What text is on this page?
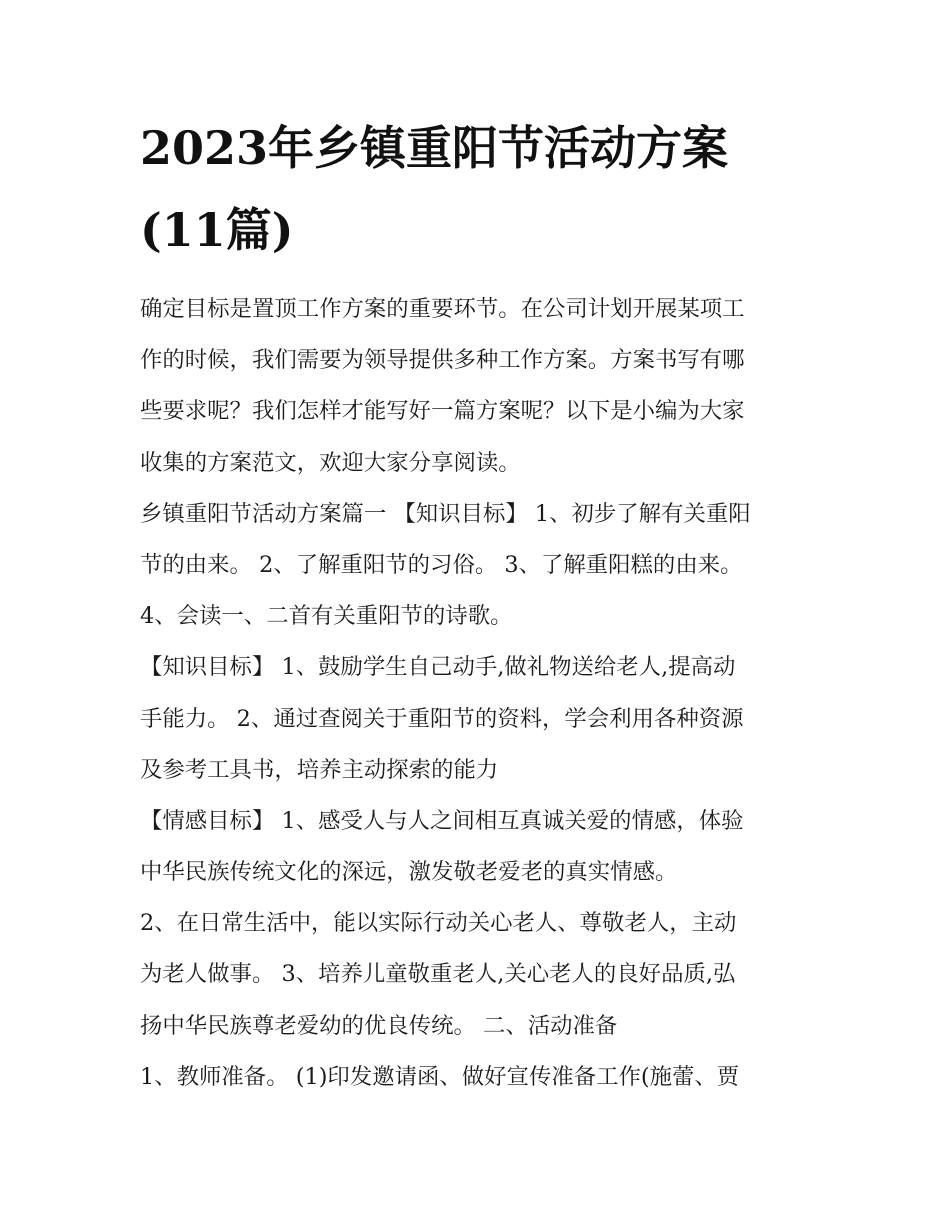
2023年乡镇重阳节活动方案
(11篇)

确定目标是置顶工作方案的重要环节。在公司计划开展某项工
作的时候，我们需要为领导提供多种工作方案。方案书写有哪
些要求呢？我们怎样才能写好一篇方案呢？以下是小编为大家
收集的方案范文，欢迎大家分享阅读。

乡镇重阳节活动方案篇一 【知识目标】 1、初步了解有关重阳
节的由来。 2、了解重阳节的习俗。 3、了解重阳糕的由来。
4、会读一、二首有关重阳节的诗歌。

【知识目标】 1、鼓励学生自己动手,做礼物送给老人,提高动
手能力。 2、通过查阅关于重阳节的资料，学会利用各种资源
及参考工具书，培养主动探索的能力

【情感目标】 1、感受人与人之间相互真诚关爱的情感，体验
中华民族传统文化的深远，激发敬老爱老的真实情感。

2、在日常生活中，能以实际行动关心老人、尊敬老人，主动
为老人做事。 3、培养儿童敬重老人,关心老人的良好品质,弘
扬中华民族尊老爱幼的优良传统。 二、活动准备

1、教师准备。 (1)印发邀请函、做好宣传准备工作(施蕾、贾
